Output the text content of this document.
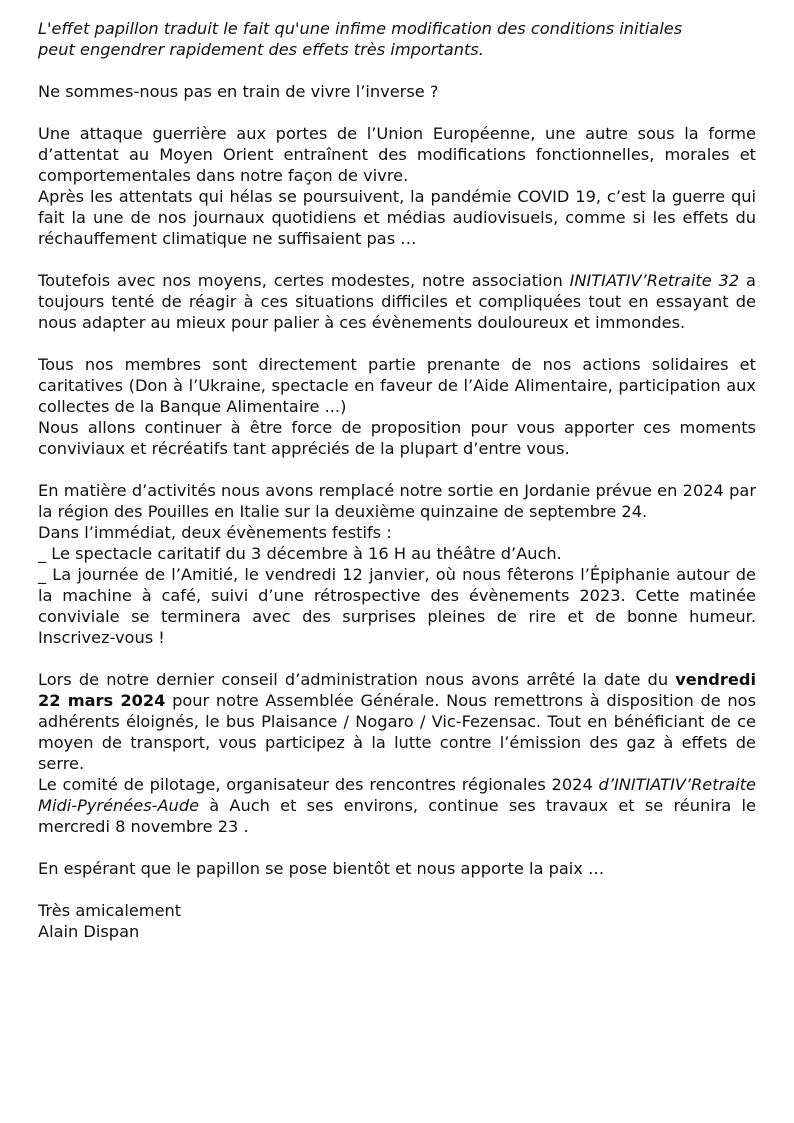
L'effet papillon traduit le fait qu'une infime modification des conditions initiales
peut engendrer rapidement des effets très importants.

Ne sommes-nous pas en train de vivre l’inverse ?

Une attaque guerrière aux portes de l’Union Européenne, une autre sous la forme d’attentat au Moyen Orient entraînent des modifications fonctionnelles, morales et comportementales dans notre façon de vivre.
Après les attentats qui hélas se poursuivent, la pandémie COVID 19, c’est la guerre qui fait la une de nos journaux quotidiens et médias audiovisuels, comme si les effets du réchauffement climatique ne suffisaient pas …

Toutefois avec nos moyens, certes modestes, notre association INITIATIV’Retraite 32 a toujours tenté de réagir à ces situations difficiles et compliquées tout en essayant de nous adapter au mieux pour palier à ces évènements douloureux et immondes.

Tous nos membres sont directement partie prenante de nos actions solidaires et caritatives (Don à l’Ukraine, spectacle en faveur de l’Aide Alimentaire, participation aux collectes de la Banque Alimentaire ...)
Nous allons continuer à être force de proposition pour vous apporter ces moments conviviaux et récréatifs tant appréciés de la plupart d’entre vous.

En matière d’activités nous avons remplacé notre sortie en Jordanie prévue en 2024 par la région des Pouilles en Italie sur la deuxième quinzaine de septembre 24.
Dans l’immédiat, deux évènements festifs :
_ Le spectacle caritatif du 3 décembre à 16 H au théâtre d’Auch.
_ La journée de l’Amitié, le vendredi 12 janvier, où nous fêterons l’Épiphanie autour de la machine à café, suivi d’une rétrospective des évènements 2023. Cette matinée conviviale se terminera avec des surprises pleines de rire et de bonne humeur. Inscrivez-vous !

Lors de notre dernier conseil d’administration nous avons arrêté la date du vendredi 22 mars 2024 pour notre Assemblée Générale. Nous remettrons à disposition de nos adhérents éloignés, le bus Plaisance / Nogaro / Vic-Fezensac. Tout en bénéficiant de ce moyen de transport, vous participez à la lutte contre l’émission des gaz à effets de serre.
Le comité de pilotage, organisateur des rencontres régionales 2024 d’INITIATIV’Retraite Midi-Pyrénées-Aude à Auch et ses environs, continue ses travaux et se réunira le mercredi 8 novembre 23 .

En espérant que le papillon se pose bientôt et nous apporte la paix …

Très amicalement
Alain Dispan
